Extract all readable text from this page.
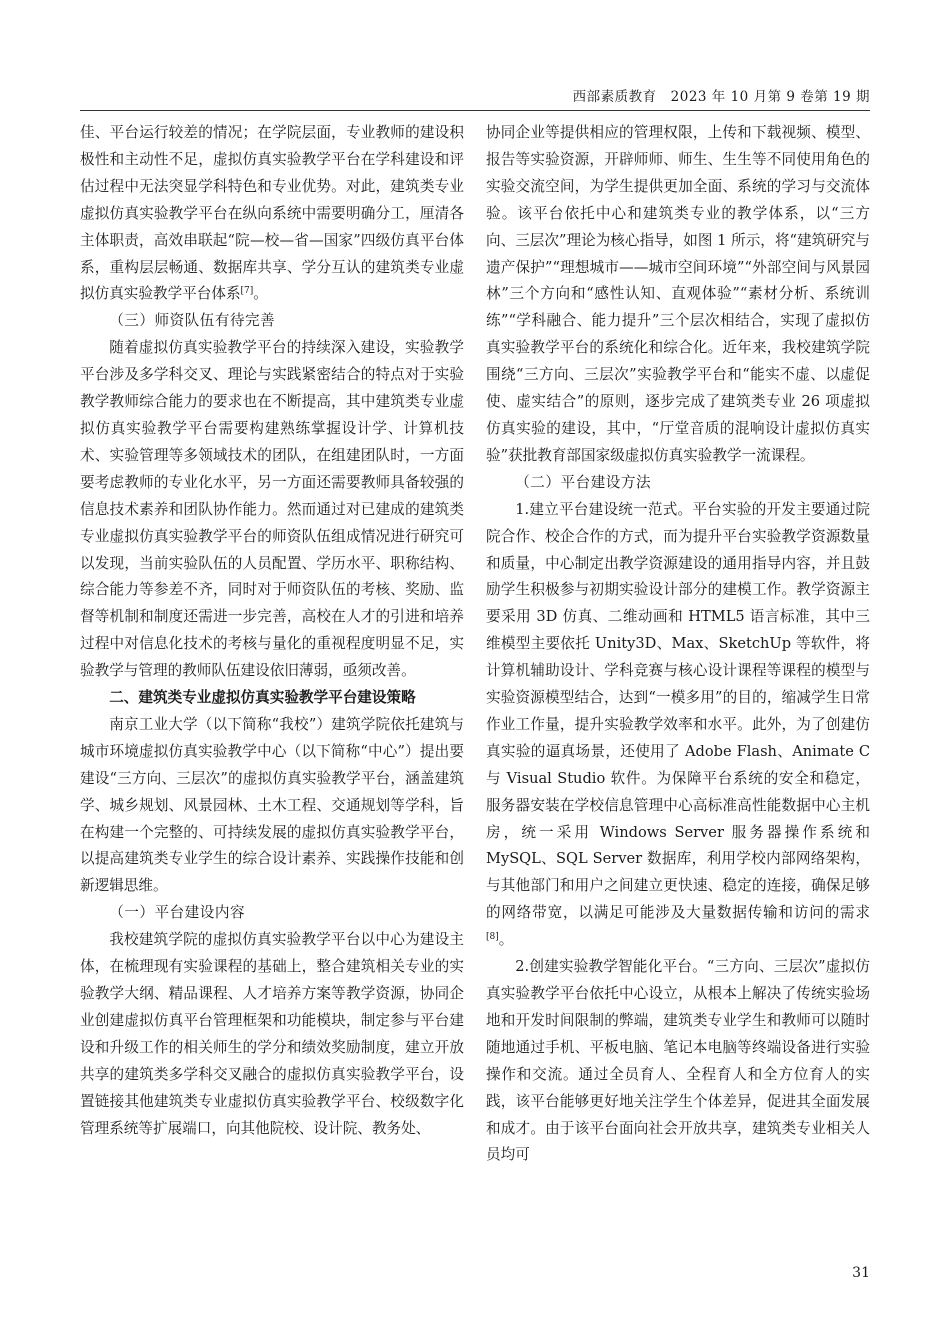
西部素质教育　2023 年 10 月第 9 卷第 19 期

佳、平台运行较差的情况；在学院层面，专业教师的建设积极性和主动性不足，虚拟仿真实验教学平台在学科建设和评估过程中无法突显学科特色和专业优势。对此，建筑类专业虚拟仿真实验教学平台在纵向系统中需要明确分工，厘清各主体职责，高效串联起“院—校—省—国家”四级仿真平台体系，重构层层畅通、数据库共享、学分互认的建筑类专业虚拟仿真实验教学平台体系[7]。

（三）师资队伍有待完善

随着虚拟仿真实验教学平台的持续深入建设，实验教学平台涉及多学科交叉、理论与实践紧密结合的特点对于实验教学教师综合能力的要求也在不断提高，其中建筑类专业虚拟仿真实验教学平台需要构建熟练掌握设计学、计算机技术、实验管理等多领域技术的团队，在组建团队时，一方面要考虑教师的专业化水平，另一方面还需要教师具备较强的信息技术素养和团队协作能力。然而通过对已建成的建筑类专业虚拟仿真实验教学平台的师资队伍组成情况进行研究可以发现，当前实验队伍的人员配置、学历水平、职称结构、综合能力等参差不齐，同时对于师资队伍的考核、奖励、监督等机制和制度还需进一步完善，高校在人才的引进和培养过程中对信息化技术的考核与量化的重视程度明显不足，实验教学与管理的教师队伍建设依旧薄弱，亟须改善。

二、建筑类专业虚拟仿真实验教学平台建设策略

南京工业大学（以下简称“我校”）建筑学院依托建筑与城市环境虚拟仿真实验教学中心（以下简称“中心”）提出要建设“三方向、三层次”的虚拟仿真实验教学平台，涵盖建筑学、城乡规划、风景园林、土木工程、交通规划等学科，旨在构建一个完整的、可持续发展的虚拟仿真实验教学平台，以提高建筑类专业学生的综合设计素养、实践操作技能和创新逻辑思维。

（一）平台建设内容

我校建筑学院的虚拟仿真实验教学平台以中心为建设主体，在梳理现有实验课程的基础上，整合建筑相关专业的实验教学大纲、精品课程、人才培养方案等教学资源，协同企业创建虚拟仿真平台管理框架和功能模块，制定参与平台建设和升级工作的相关师生的学分和绩效奖励制度，建立开放共享的建筑类多学科交叉融合的虚拟仿真实验教学平台，设置链接其他建筑类专业虚拟仿真实验教学平台、校级数字化管理系统等扩展端口，向其他院校、设计院、教务处、

协同企业等提供相应的管理权限，上传和下载视频、模型、报告等实验资源，开辟师师、师生、生生等不同使用角色的实验交流空间，为学生提供更加全面、系统的学习与交流体验。该平台依托中心和建筑类专业的教学体系，以“三方向、三层次”理论为核心指导，如图 1 所示，将“建筑研究与遗产保护”“理想城市——城市空间环境”“外部空间与风景园林”三个方向和“感性认知、直观体验”“素材分析、系统训练”“学科融合、能力提升”三个层次相结合，实现了虚拟仿真实验教学平台的系统化和综合化。近年来，我校建筑学院围绕“三方向、三层次”实验教学平台和“能实不虚、以虚促使、虚实结合”的原则，逐步完成了建筑类专业 26 项虚拟仿真实验的建设，其中，“厅堂音质的混响设计虚拟仿真实验”获批教育部国家级虚拟仿真实验教学一流课程。

（二）平台建设方法

1.建立平台建设统一范式。平台实验的开发主要通过院院合作、校企合作的方式，而为提升平台实验教学资源数量和质量，中心制定出教学资源建设的通用指导内容，并且鼓励学生积极参与初期实验设计部分的建模工作。教学资源主要采用 3D 仿真、二维动画和 HTML5 语言标准，其中三维模型主要依托 Unity3D、Max、SketchUp 等软件，将计算机辅助设计、学科竞赛与核心设计课程等课程的模型与实验资源模型结合，达到“一模多用”的目的，缩减学生日常作业工作量，提升实验教学效率和水平。此外，为了创建仿真实验的逼真场景，还使用了 Adobe Flash、Animate C 与 Visual Studio 软件。为保障平台系统的安全和稳定，服务器安装在学校信息管理中心高标准高性能数据中心主机房，统一采用 Windows Server 服务器操作系统和 MySQL、SQL Server 数据库，利用学校内部网络架构，与其他部门和用户之间建立更快速、稳定的连接，确保足够的网络带宽，以满足可能涉及大量数据传输和访问的需求[8]。

2.创建实验教学智能化平台。“三方向、三层次”虚拟仿真实验教学平台依托中心设立，从根本上解决了传统实验场地和开发时间限制的弊端，建筑类专业学生和教师可以随时随地通过手机、平板电脑、笔记本电脑等终端设备进行实验操作和交流。通过全员育人、全程育人和全方位育人的实践，该平台能够更好地关注学生个体差异，促进其全面发展和成才。由于该平台面向社会开放共享，建筑类专业相关人员均可

31
